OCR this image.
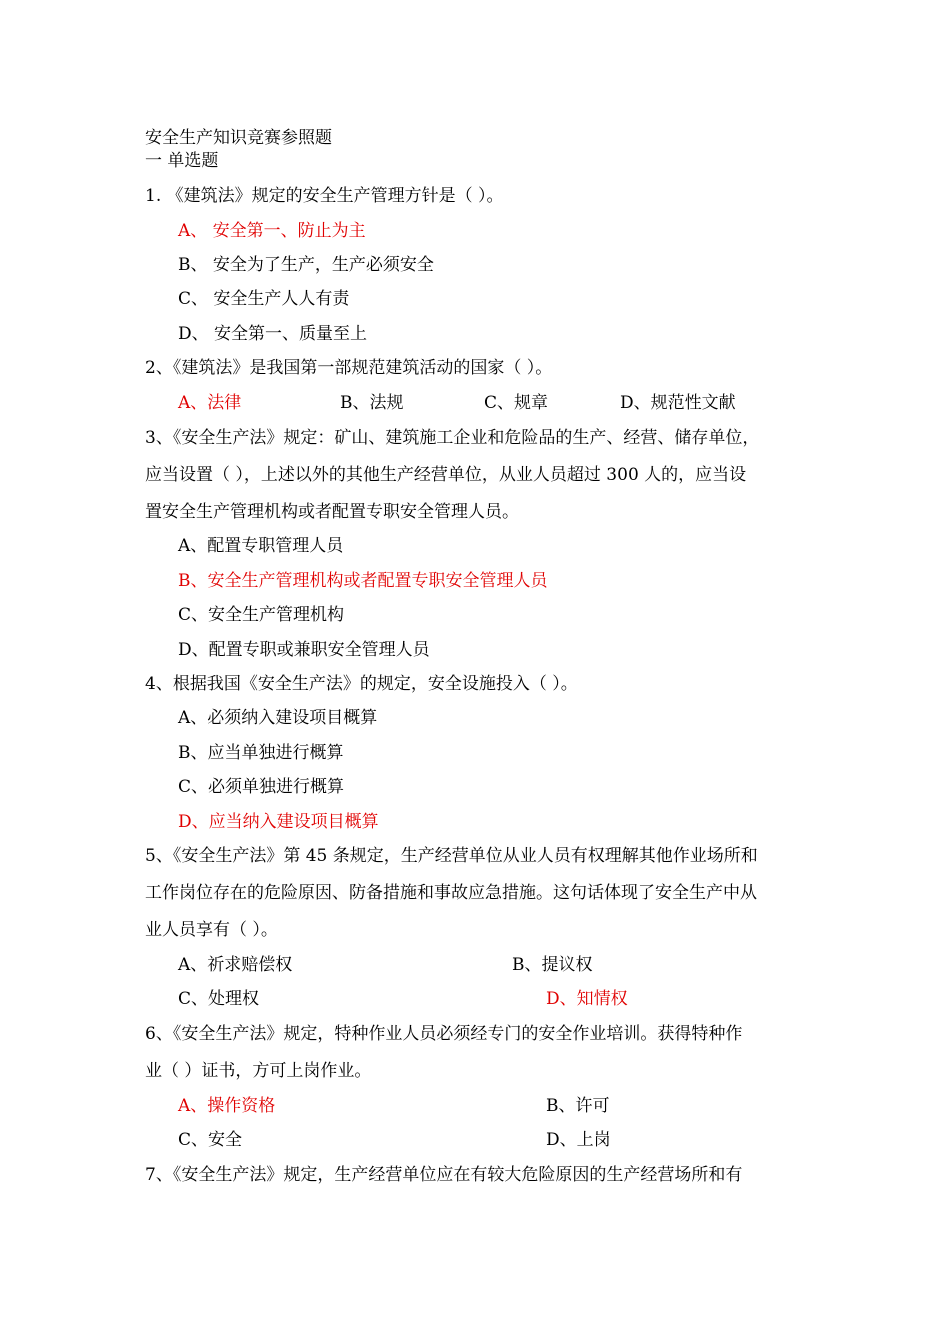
安全生产知识竞赛参照题
一 单选题
1. 《建筑法》规定的安全生产管理方针是（ ）。
A、 安全第一、防止为主
B、 安全为了生产，生产必须安全
C、 安全生产人人有责
D、 安全第一、质量至上
2、《建筑法》是我国第一部规范建筑活动的国家（ ）。
A、法律	B、法规	C、规章	D、规范性文献
3、《安全生产法》规定：矿山、建筑施工企业和危险品的生产、经营、储存单位，
应当设置（ ），上述以外的其他生产经营单位，从业人员超过 300 人的，应当设
置安全生产管理机构或者配置专职安全管理人员。
A、配置专职管理人员
B、安全生产管理机构或者配置专职安全管理人员
C、安全生产管理机构
D、配置专职或兼职安全管理人员
4、根据我国《安全生产法》的规定，安全设施投入（ ）。
A、必须纳入建设项目概算
B、应当单独进行概算
C、必须单独进行概算
D、应当纳入建设项目概算
5、《安全生产法》第 45 条规定，生产经营单位从业人员有权理解其他作业场所和
工作岗位存在的危险原因、防备措施和事故应急措施。这句话体现了安全生产中从
业人员享有（ ）。
A、祈求赔偿权	B、提议权
C、处理权	D、知情权
6、《安全生产法》规定，特种作业人员必须经专门的安全作业培训。获得特种作
业（ ）证书，方可上岗作业。
A、操作资格	B、许可
C、安全	D、上岗
7、《安全生产法》规定，生产经营单位应在有较大危险原因的生产经营场所和有
